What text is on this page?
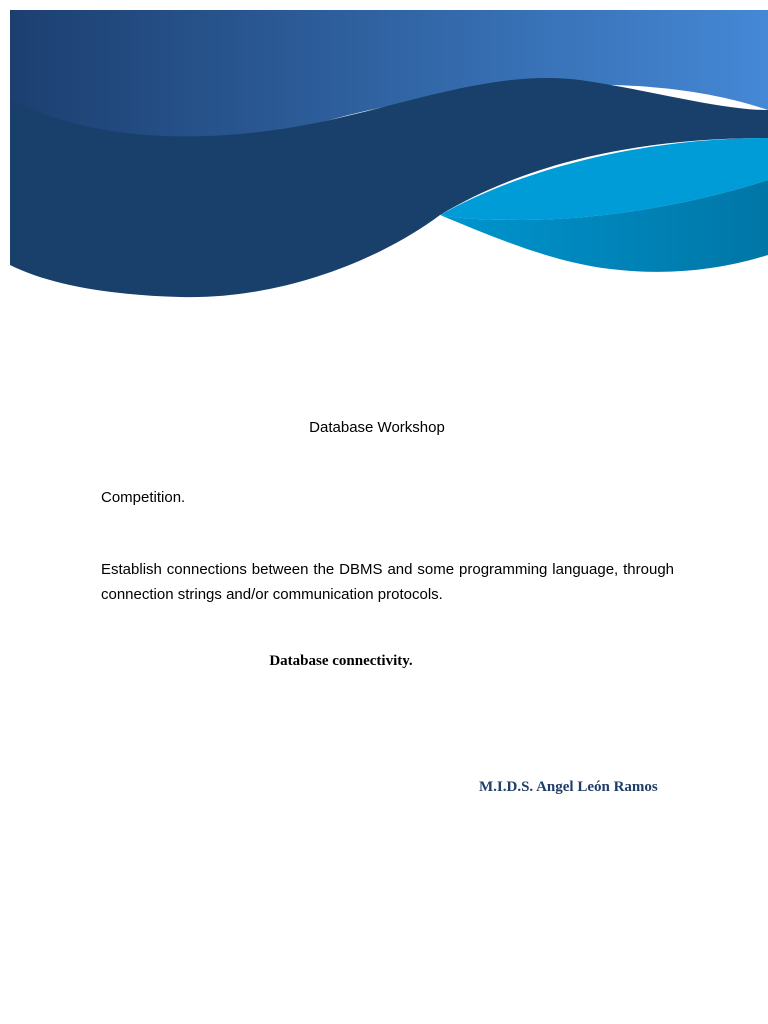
Database Workshop

Competition.

Establish connections between the DBMS and some programming language, through connection strings and/or communication protocols.

Database connectivity.

M.I.D.S. Angel León Ramos
